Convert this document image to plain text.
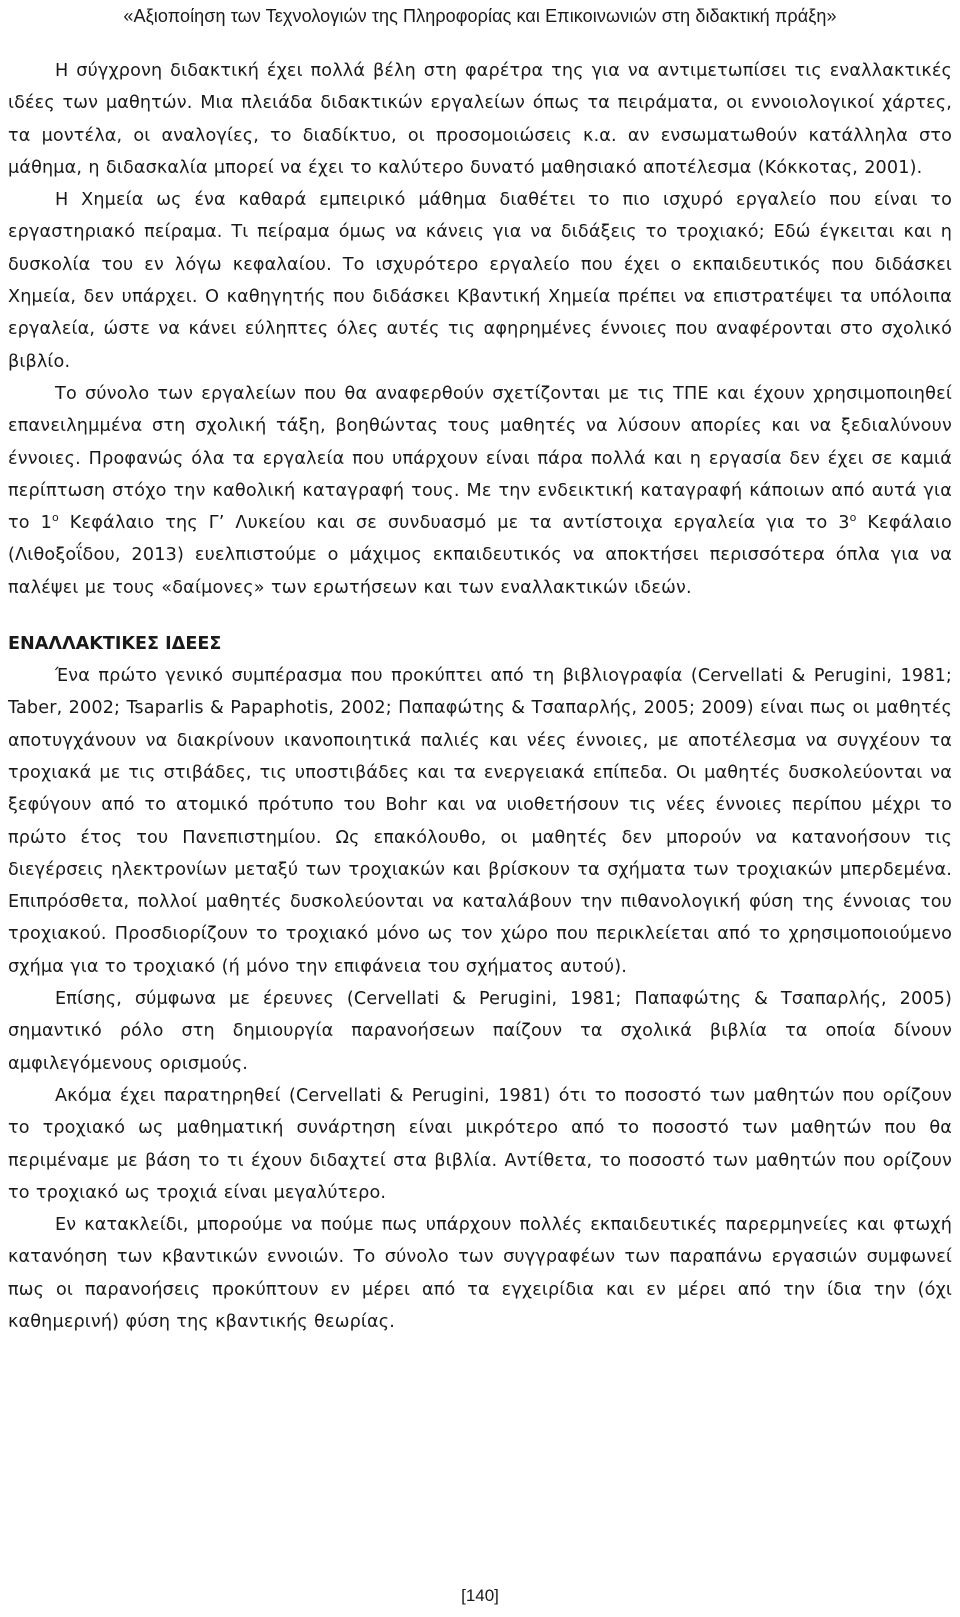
«Αξιοποίηση των Τεχνολογιών της Πληροφορίας και Επικοινωνιών στη διδακτική πράξη»

Η σύγχρονη διδακτική έχει πολλά βέλη στη φαρέτρα της για να αντιμετωπίσει τις εναλλακτικές ιδέες των μαθητών. Μια πλειάδα διδακτικών εργαλείων όπως τα πειράματα, οι εννοιολογικοί χάρτες, τα μοντέλα, οι αναλογίες, το διαδίκτυο, οι προσομοιώσεις κ.α. αν ενσωματωθούν κατάλληλα στο μάθημα, η διδασκαλία μπορεί να έχει το καλύτερο δυνατό μαθησιακό αποτέλεσμα (Κόκκοτας, 2001).

Η Χημεία ως ένα καθαρά εμπειρικό μάθημα διαθέτει το πιο ισχυρό εργαλείο που είναι το εργαστηριακό πείραμα. Τι πείραμα όμως να κάνεις για να διδάξεις το τροχιακό; Εδώ έγκειται και η δυσκολία του εν λόγω κεφαλαίου. Το ισχυρότερο εργαλείο που έχει ο εκπαιδευτικός που διδάσκει Χημεία, δεν υπάρχει. Ο καθηγητής που διδάσκει Κβαντική Χημεία πρέπει να επιστρατέψει τα υπόλοιπα εργαλεία, ώστε να κάνει εύληπτες όλες αυτές τις αφηρημένες έννοιες που αναφέρονται στο σχολικό βιβλίο.

Το σύνολο των εργαλείων που θα αναφερθούν σχετίζονται με τις ΤΠΕ και έχουν χρησιμοποιηθεί επανειλημμένα στη σχολική τάξη, βοηθώντας τους μαθητές να λύσουν απορίες και να ξεδιαλύνουν έννοιες. Προφανώς όλα τα εργαλεία που υπάρχουν είναι πάρα πολλά και η εργασία δεν έχει σε καμιά περίπτωση στόχο την καθολική καταγραφή τους. Με την ενδεικτική καταγραφή κάποιων από αυτά για το $1^o$ Κεφάλαιο της Γ’ Λυκείου και σε συνδυασμό με τα αντίστοιχα εργαλεία για το $3^o$ Κεφάλαιο (Λιθοξοΐδου, 2013) ευελπιστούμε ο μάχιμος εκπαιδευτικός να αποκτήσει περισσότερα όπλα για να παλέψει με τους «δαίμονες» των ερωτήσεων και των εναλλακτικών ιδεών.

ΕΝΑΛΛΑΚΤΙΚΕΣ ΙΔΕΕΣ

Ένα πρώτο γενικό συμπέρασμα που προκύπτει από τη βιβλιογραφία (Cervellati & Perugini, 1981; Taber, 2002; Tsaparlis & Papaphotis, 2002; Παπαφώτης & Τσαπαρλής, 2005; 2009) είναι πως οι μαθητές αποτυγχάνουν να διακρίνουν ικανοποιητικά παλιές και νέες έννοιες, με αποτέλεσμα να συγχέουν τα τροχιακά με τις στιβάδες, τις υποστιβάδες και τα ενεργειακά επίπεδα. Οι μαθητές δυσκολεύονται να ξεφύγουν από το ατομικό πρότυπο του Bohr και να υιοθετήσουν τις νέες έννοιες περίπου μέχρι το πρώτο έτος του Πανεπιστημίου. Ως επακόλουθο, οι μαθητές δεν μπορούν να κατανοήσουν τις διεγέρσεις ηλεκτρονίων μεταξύ των τροχιακών και βρίσκουν τα σχήματα των τροχιακών μπερδεμένα. Επιπρόσθετα, πολλοί μαθητές δυσκολεύονται να καταλάβουν την πιθανολογική φύση της έννοιας του τροχιακού. Προσδιορίζουν το τροχιακό μόνο ως τον χώρο που περικλείεται από το χρησιμοποιούμενο σχήμα για το τροχιακό (ή μόνο την επιφάνεια του σχήματος αυτού).

Επίσης, σύμφωνα με έρευνες (Cervellati & Perugini, 1981; Παπαφώτης & Τσαπαρλής, 2005) σημαντικό ρόλο στη δημιουργία παρανοήσεων παίζουν τα σχολικά βιβλία τα οποία δίνουν αμφιλεγόμενους ορισμούς.

Ακόμα έχει παρατηρηθεί (Cervellati & Perugini, 1981) ότι το ποσοστό των μαθητών που ορίζουν το τροχιακό ως μαθηματική συνάρτηση είναι μικρότερο από το ποσοστό των μαθητών που θα περιμέναμε με βάση το τι έχουν διδαχτεί στα βιβλία. Αντίθετα, το ποσοστό των μαθητών που ορίζουν το τροχιακό ως τροχιά είναι μεγαλύτερο.

Εν κατακλείδι, μπορούμε να πούμε πως υπάρχουν πολλές εκπαιδευτικές παρερμηνείες και φτωχή κατανόηση των κβαντικών εννοιών. Το σύνολο των συγγραφέων των παραπάνω εργασιών συμφωνεί πως οι παρανοήσεις προκύπτουν εν μέρει από τα εγχειρίδια και εν μέρει από την ίδια την (όχι καθημερινή) φύση της κβαντικής θεωρίας.

[140]
